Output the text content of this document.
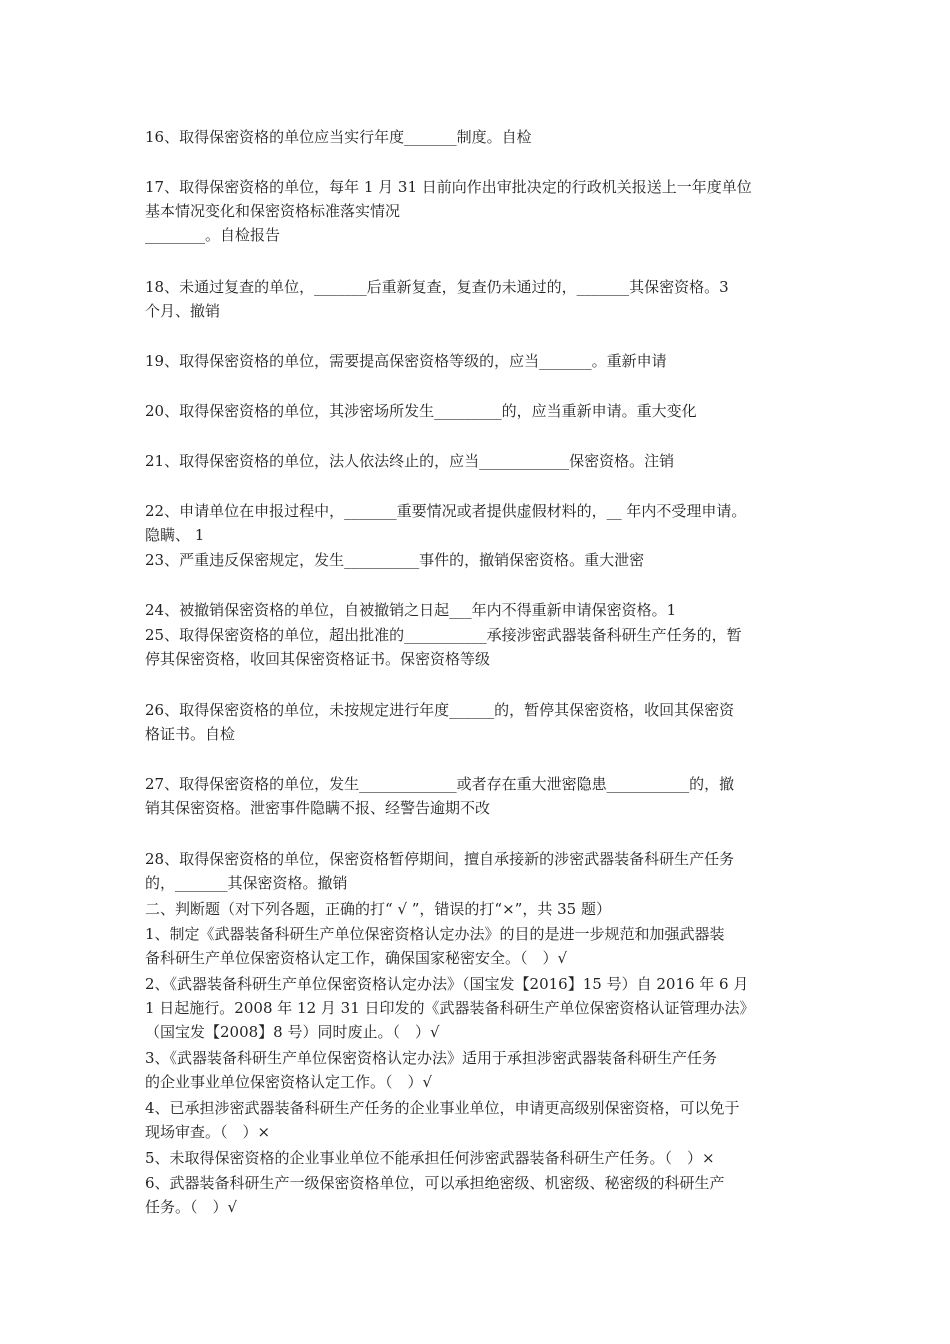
16、取得保密资格的单位应当实行年度_______制度。自检

17、取得保密资格的单位，每年 1 月 31 日前向作出审批决定的行政机关报送上一年度单位
基本情况变化和保密资格标准落实情况
________。自检报告

18、未通过复查的单位，_______后重新复查，复查仍未通过的，_______其保密资格。3
个月、撤销

19、取得保密资格的单位，需要提高保密资格等级的，应当_______。重新申请

20、取得保密资格的单位，其涉密场所发生_________的，应当重新申请。重大变化

21、取得保密资格的单位，法人依法终止的，应当____________保密资格。注销

22、申请单位在申报过程中，_______重要情况或者提供虚假材料的，__ 年内不受理申请。
隐瞒、 1

23、严重违反保密规定，发生__________事件的，撤销保密资格。重大泄密

24、被撤销保密资格的单位，自被撤销之日起___年内不得重新申请保密资格。1

25、取得保密资格的单位，超出批准的___________承接涉密武器装备科研生产任务的，暂
停其保密资格，收回其保密资格证书。保密资格等级

26、取得保密资格的单位，未按规定进行年度______的，暂停其保密资格，收回其保密资
格证书。自检

27、取得保密资格的单位，发生_____________或者存在重大泄密隐患___________的，撤
销其保密资格。泄密事件隐瞒不报、经警告逾期不改

28、取得保密资格的单位，保密资格暂停期间，擅自承接新的涉密武器装备科研生产任务
的，_______其保密资格。撤销

二、判断题（对下列各题，正确的打“ √ ”，错误的打“×”，共 35 题）

1、制定《武器装备科研生产单位保密资格认定办法》的目的是进一步规范和加强武器装
备科研生产单位保密资格认定工作，确保国家秘密安全。（　）√

2、《武器装备科研生产单位保密资格认定办法》（国宝发【2016】15 号）自 2016 年 6 月
1 日起施行。2008 年 12 月 31 日印发的《武器装备科研生产单位保密资格认证管理办法》
（国宝发【2008】8 号）同时废止。（　）√

3、《武器装备科研生产单位保密资格认定办法》适用于承担涉密武器装备科研生产任务
的企业事业单位保密资格认定工作。（　）√

4、已承担涉密武器装备科研生产任务的企业事业单位，申请更高级别保密资格，可以免于
现场审查。（　）×

5、未取得保密资格的企业事业单位不能承担任何涉密武器装备科研生产任务。（　）×

6、武器装备科研生产一级保密资格单位，可以承担绝密级、机密级、秘密级的科研生产
任务。（　）√
